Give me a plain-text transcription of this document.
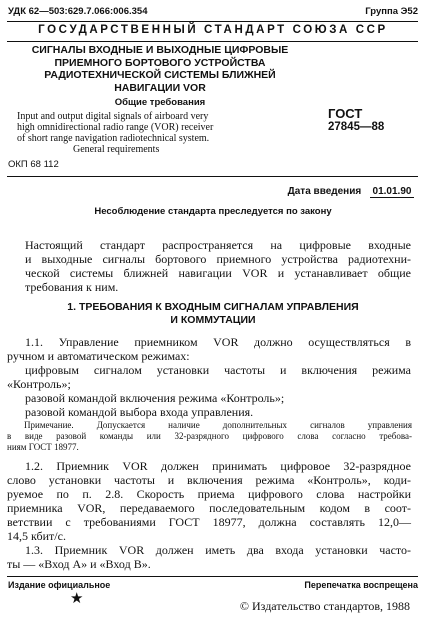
УДК 62—503:629.7.066:006.354	Группа Э52
ГОСУДАРСТВЕННЫЙ СТАНДАРТ СОЮЗА ССР
СИГНАЛЫ ВХОДНЫЕ И ВЫХОДНЫЕ ЦИФРОВЫЕ
ПРИЕМНОГО БОРТОВОГО УСТРОЙСТВА
РАДИОТЕХНИЧЕСКОЙ СИСТЕМЫ БЛИЖНЕЙ
НАВИГАЦИИ VOR
Общие требования
Input and output digital signals of airboard very
high omnidirectional radio range (VOR) receiver
of short range navigation radiotechnical system.
General requirements
ОКП 68 112
ГОСТ
27845—88
Дата введения 01.01.90
Несоблюдение стандарта преследуется по закону
Настоящий стандарт распространяется на цифровые входные
и выходные сигналы бортового приемного устройства радиотехни-
ческой системы ближней навигации VOR и устанавливает общие
требования к ним.
1. ТРЕБОВАНИЯ К ВХОДНЫМ СИГНАЛАМ УПРАВЛЕНИЯ
И КОММУТАЦИИ
1.1. Управление приемником VOR должно осуществляться в
ручном и автоматическом режимах:
цифровым сигналом установки частоты и включения режима
«Контроль»;
разовой командой включения режима «Контроль»;
разовой командой выбора входа управления.
Примечание. Допускается наличие дополнительных сигналов управления
в виде разовой команды или 32-разрядного цифрового слова согласно требова-
ниям ГОСТ 18977.
1.2. Приемник VOR должен принимать цифровое 32-разрядное
слово установки частоты и включения режима «Контроль», коди-
руемое по п. 2.8. Скорость приема цифрового слова настройки
приемника VOR, передаваемого последовательным кодом в соот-
ветствии с требованиями ГОСТ 18977, должна составлять 12,0—
14,5 кбит/с.
1.3. Приемник VOR должен иметь два входа установки часто-
ты — «Вход А» и «Вход В».
Издание официальное	Перепечатка воспрещена
★	© Издательство стандартов, 1988
